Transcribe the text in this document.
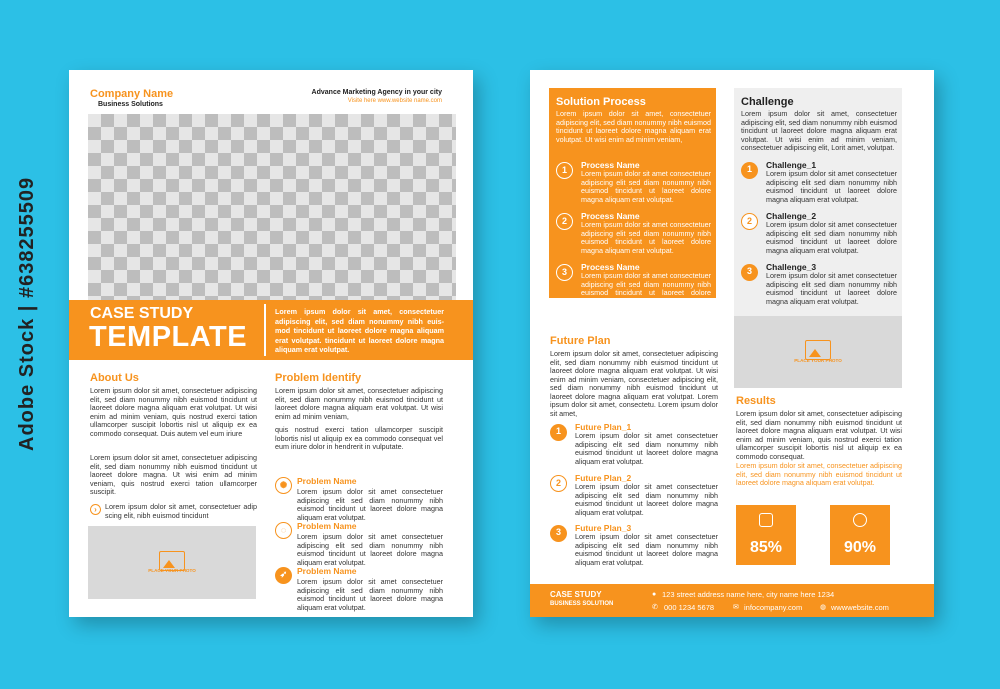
Adobe Stock | #638255509
Company Name
Business Solutions
Advance Marketing Agency in your city
Visite here www.website name.com
CASE STUDY
TEMPLATE
Lorem ipsum dolor sit amet, consectetuer adipiscing elit, sed diam nonummy nibh euis-mod tincidunt ut laoreet dolore magna aliquam erat volutpat. tincidunt ut laoreet dolore magna aliquam erat volutpat.
About Us
Lorem ipsum dolor sit amet, consectetuer adipiscing elit, sed diam nonummy nibh euismod tincidunt ut laoreet dolore magna aliquam erat volutpat. Ut wisi enim ad minim veniam, quis nostrud exerci tation ullamcorper suscipit lobortis nisl ut aliquip ex ea commodo consequat. Duis autem vel eum iriure
Lorem ipsum dolor sit amet, consectetuer adipiscing elit, sed diam nonummy nibh euismod tincidunt ut laoreet dolore magna. Ut wisi enim ad minim veniam, quis nostrud exerci tation ullamcorper suscipit.
›	Lorem ipsum dolor sit amet, consectetuer adip scing elit, nibh euismod tincidunt
PLACE YOUR PHOTO
Problem Identify
Lorem ipsum dolor sit amet, consectetuer adipiscing elit, sed diam nonummy nibh euismod tincidunt ut laoreet dolore magna aliquam erat volutpat. Ut wisi enim ad minim veniam,
quis nostrud exerci tation ullamcorper suscipit lobortis nisl ut aliquip ex ea commodo consequat vel eum iriure dolor in hendrerit in vulputate.
✺	Problem Name
Lorem ipsum dolor sit amet consectetuer adipiscing elit sed diam nonummy nibh euismod tincidunt ut laoreet dolore magna aliquam erat volutpat.
◌	Problem Name
Lorem ipsum dolor sit amet consectetuer adipiscing elit sed diam nonummy nibh euismod tincidunt ut laoreet dolore magna aliquam erat volutpat.
➶	Problem Name
Lorem ipsum dolor sit amet consectetuer adipiscing elit sed diam nonummy nibh euismod tincidunt ut laoreet dolore magna aliquam erat volutpat.
Solution Process
Lorem ipsum dolor sit amet, consectetuer adipiscing elit, sed diam nonummy nibh euismod tincidunt ut laoreet dolore magna aliquam erat volutpat. Ut wisi enim ad minim veniam,
1	Process Name
Lorem ipsum dolor sit amet consectetuer adipiscing elit sed diam nonummy nibh euismod tincidunt ut laoreet dolore magna aliquam erat volutpat.
2	Process Name
Lorem ipsum dolor sit amet consectetuer adipiscing elit sed diam nonummy nibh euismod tincidunt ut laoreet dolore magna aliquam erat volutpat.
3	Process Name
Lorem ipsum dolor sit amet consectetuer adipiscing elit sed diam nonummy nibh euismod tincidunt ut laoreet dolore magna aliquam erat volutpat.
Challenge
Lorem ipsum dolor sit amet, consectetuer adipiscing elit, sed diam nonummy nibh euismod tincidunt ut laoreet dolore magna aliquam erat volutpat. Ut wisi enim ad minim veniam, consectetuer adipiscing elit, Lorit amet, volutpat.
1	Challenge_1
Lorem ipsum dolor sit amet consectetuer adipiscing elit sed diam nonummy nibh euismod tincidunt ut laoreet dolore magna aliquam erat volutpat.
2	Challenge_2
Lorem ipsum dolor sit amet consectetuer adipiscing elit sed diam nonummy nibh euismod tincidunt ut laoreet dolore magna aliquam erat volutpat.
3	Challenge_3
Lorem ipsum dolor sit amet consectetuer adipiscing elit sed diam nonummy nibh euismod tincidunt ut laoreet dolore magna aliquam erat volutpat.
PLACE YOUR PHOTO
Future Plan
Lorem ipsum dolor sit amet, consectetuer adipiscing elit, sed diam nonummy nibh euismod tincidunt ut laoreet dolore magna aliquam erat volutpat. Ut wisi enim ad minim veniam, consectetuer adipiscing elit, sed diam nonummy nibh euismod tincidunt ut laoreet dolore magna aliquam erat volutpat. Lorem ipsum dolor sit amet, consectetu. Lorem ipsum dolor sit amet,
1	Future Plan_1
Lorem ipsum dolor sit amet consectetuer adipiscing elit sed diam nonummy nibh euismod tincidunt ut laoreet dolore magna aliquam erat volutpat.
2	Future Plan_2
Lorem ipsum dolor sit amet consectetuer adipiscing elit sed diam nonummy nibh euismod tincidunt ut laoreet dolore magna aliquam erat volutpat.
3	Future Plan_3
Lorem ipsum dolor sit amet consectetuer adipiscing elit sed diam nonummy nibh euismod tincidunt ut laoreet dolore magna aliquam erat volutpat.
Results
Lorem ipsum dolor sit amet, consectetuer adipiscing elit, sed diam nonummy nibh euismod tincidunt ut laoreet dolore magna aliquam erat volutpat. Ut wisi enim ad minim veniam, quis nostrud exerci tation ullamcorper suscipit lobortis nisl ut aliquip ex ea commodo consequat.
Lorem ipsum dolor sit amet, consectetuer adipiscing elit, sed diam nonummy nibh euismod tincidunt ut laoreet dolore magna aliquam erat volutpat.
85%	90%
CASE STUDY
BUSINESS SOLUTION
● 123 street address name here, city name here 1234
✆ 000 1234 5678	✉ infocompany.com	◍ wwwwebsite.com
